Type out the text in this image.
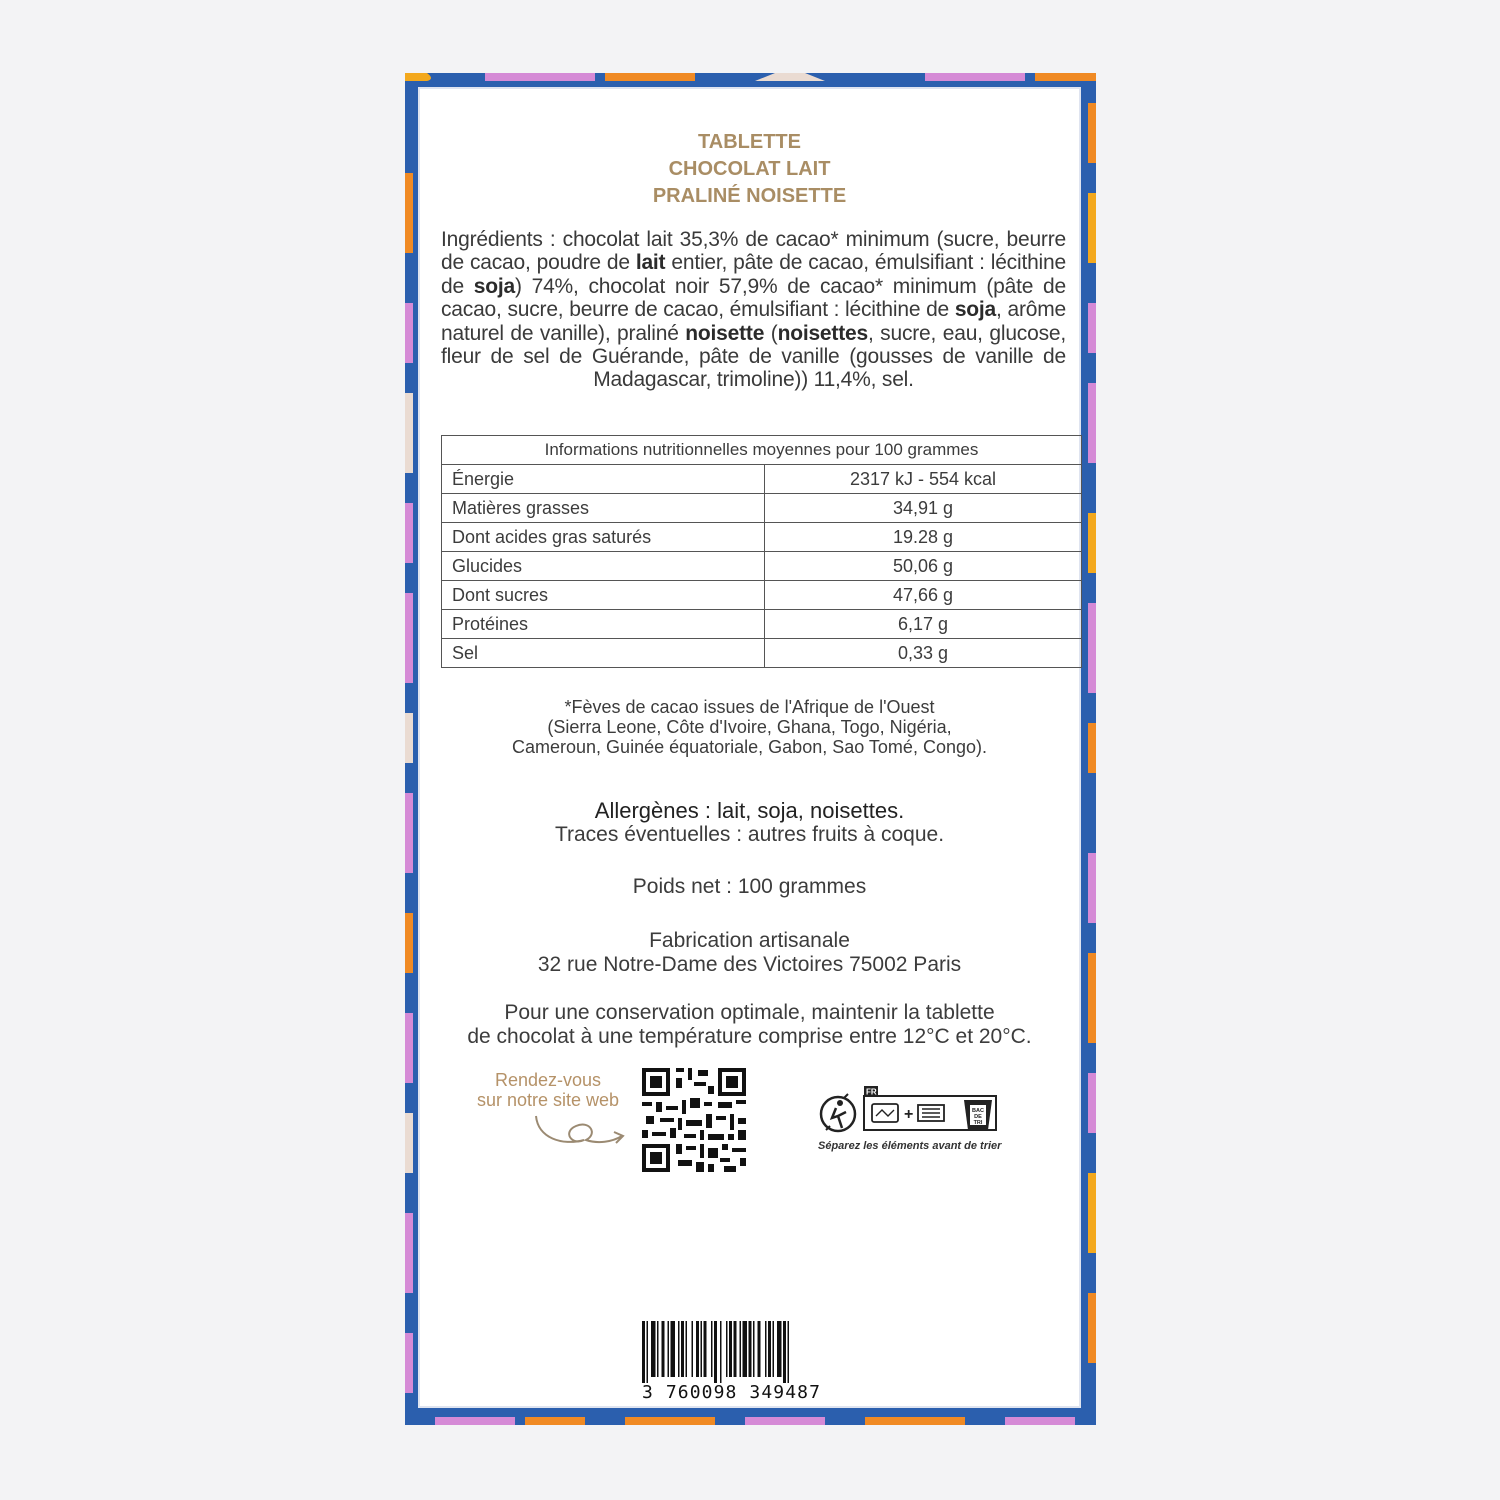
TABLETTE
CHOCOLAT LAIT
PRALINÉ NOISETTE
Ingrédients : chocolat lait 35,3% de cacao* minimum (sucre, beurre de cacao, poudre de lait entier, pâte de cacao, émulsifiant : lécithine de soja) 74%, chocolat noir 57,9% de cacao* minimum (pâte de cacao, sucre, beurre de cacao, émulsifiant : lécithine de soja, arôme naturel de vanille), praliné noisette (noisettes, sucre, eau, glucose, fleur de sel de Guérande, pâte de vanille (gousses de vanille de Madagascar, trimoline)) 11,4%, sel.
Informations nutritionnelles moyennes pour 100 grammes	
Énergie	2317 kJ - 554 kcal
Matières grasses	34,91 g
Dont acides gras saturés	19.28 g
Glucides	50,06 g
Dont sucres	47,66 g
Protéines	6,17 g
Sel	0,33 g
*Fèves de cacao issues de l'Afrique de l'Ouest
(Sierra Leone, Côte d'Ivoire, Ghana, Togo, Nigéria,
Cameroun, Guinée équatoriale, Gabon, Sao Tomé, Congo).
Allergènes : lait, soja, noisettes.
Traces éventuelles : autres fruits à coque.
Poids net : 100 grammes
Fabrication artisanale
32 rue Notre-Dame des Victoires 75002 Paris
Pour une conservation optimale, maintenir la tablette
de chocolat à une température comprise entre 12°C et 20°C.
Rendez-vous
sur notre site web	FR
+	BAC
DE
TRI
Séparez les éléments avant de trier
3 760098 349487
